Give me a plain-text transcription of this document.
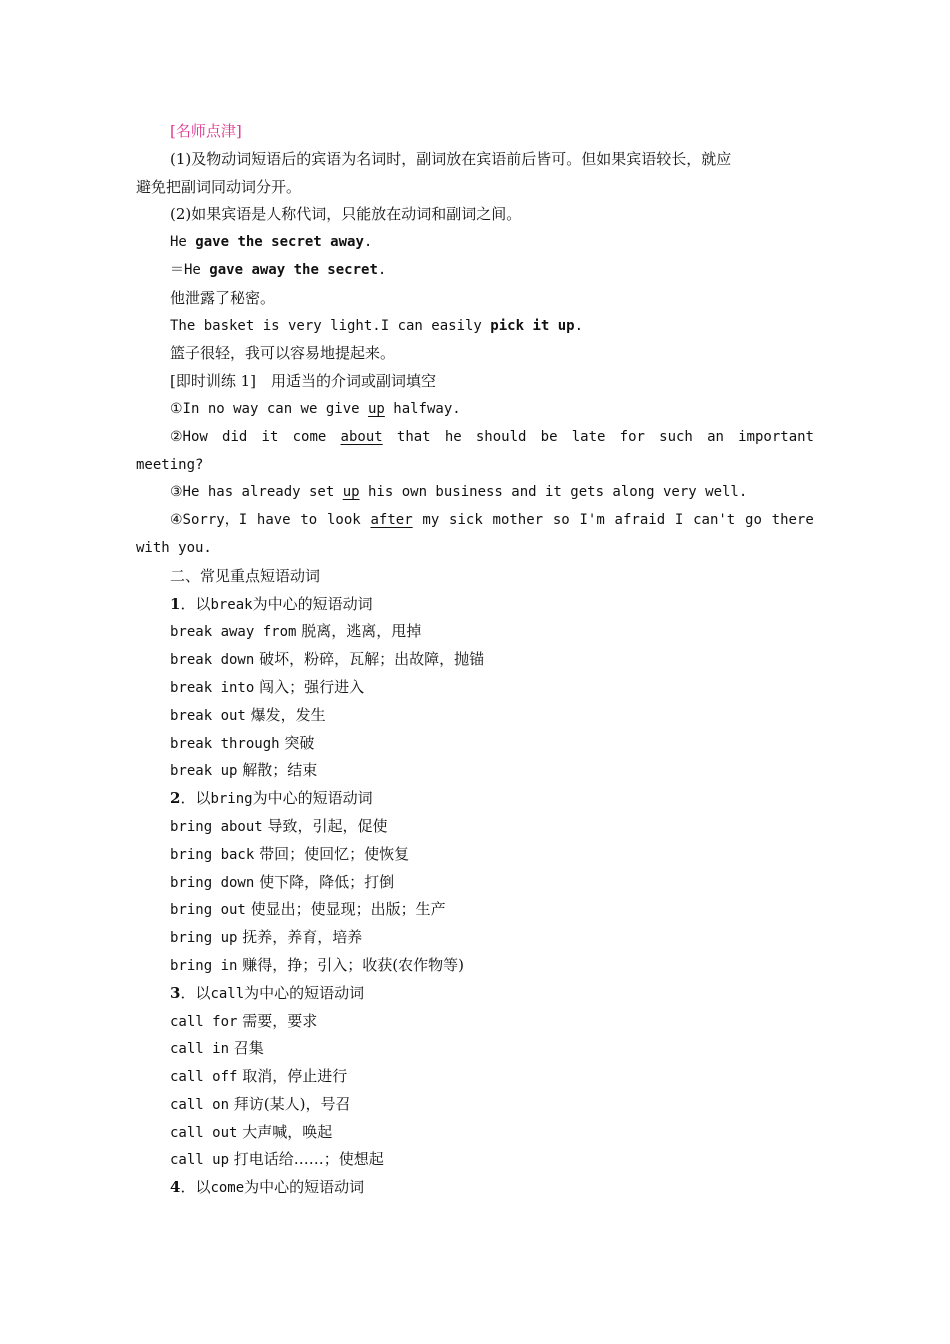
[名师点津]
(1)及物动词短语后的宾语为名词时，副词放在宾语前后皆可。但如果宾语较长，就应
避免把副词同动词分开。
(2)如果宾语是人称代词，只能放在动词和副词之间。
He gave the secret away.
＝He gave away the secret.
他泄露了秘密。
The basket is very light.I can easily pick it up.
篮子很轻，我可以容易地提起来。
[即时训练 1]　用适当的介词或副词填空
①In no way can we give up halfway.
②How did it come about that he should be late for such an important
meeting?
③He has already set up his own business and it gets along very well.
④Sorry，I have to look after my sick mother so I'm afraid I can't go there
with you.
二、常见重点短语动词
1．以break为中心的短语动词
break away from 脱离，逃离，甩掉
break down 破坏，粉碎，瓦解；出故障，抛锚
break into 闯入；强行进入
break out 爆发，发生
break through 突破
break up 解散；结束
2．以bring为中心的短语动词
bring about 导致，引起，促使
bring back 带回；使回忆；使恢复
bring down 使下降，降低；打倒
bring out 使显出；使显现；出版；生产
bring up 抚养，养育，培养
bring in 赚得，挣；引入；收获(农作物等)
3．以call为中心的短语动词
call for 需要，要求
call in 召集
call off 取消，停止进行
call on 拜访(某人)，号召
call out 大声喊，唤起
call up 打电话给……；使想起
4．以come为中心的短语动词
